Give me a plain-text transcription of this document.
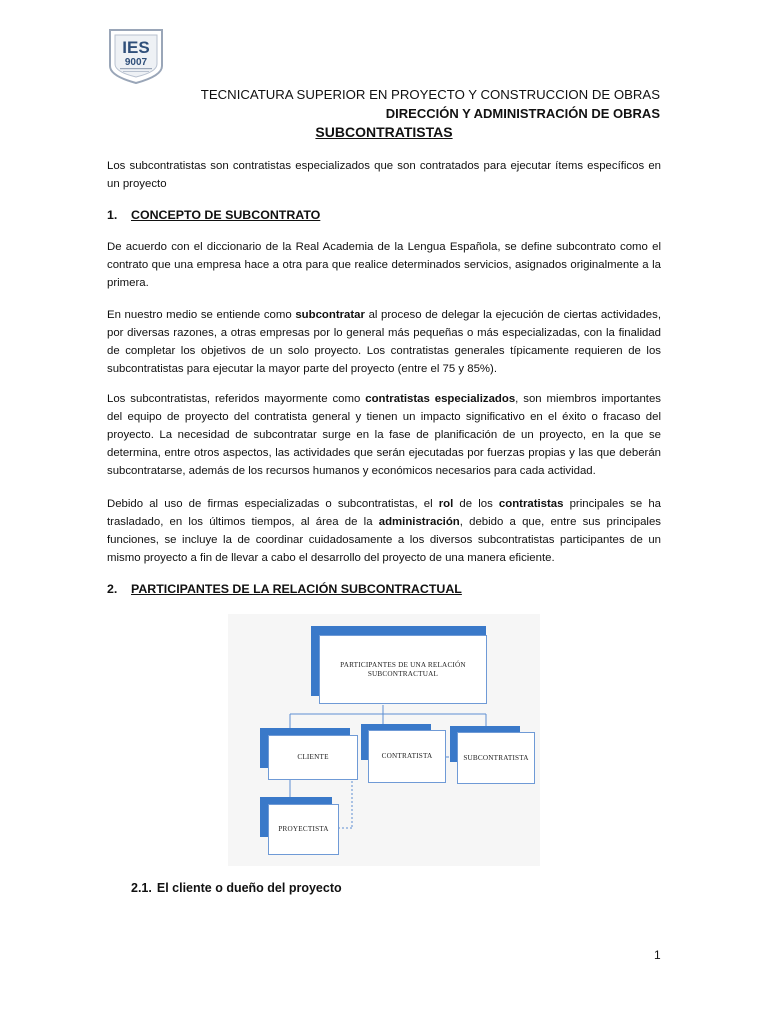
IES
9007
TECNICATURA SUPERIOR EN PROYECTO Y CONSTRUCCION DE OBRAS
DIRECCIÓN Y ADMINISTRACIÓN DE OBRAS
SUBCONTRATISTAS

Los subcontratistas son contratistas especializados que son contratados para ejecutar ítems específicos en un proyecto

1. CONCEPTO DE SUBCONTRATO

De acuerdo con el diccionario de la Real Academia de la Lengua Española, se define subcontrato como el contrato que una empresa hace a otra para que realice determinados servicios, asignados originalmente a la primera.

En nuestro medio se entiende como subcontratar al proceso de delegar la ejecución de ciertas actividades, por diversas razones, a otras empresas por lo general más pequeñas o más especializadas, con la finalidad de completar los objetivos de un solo proyecto. Los contratistas generales típicamente requieren de los subcontratistas para ejecutar la mayor parte del proyecto (entre el 75 y 85%).

Los subcontratistas, referidos mayormente como contratistas especializados, son miembros importantes del equipo de proyecto del contratista general y tienen un impacto significativo en el éxito o fracaso del proyecto. La necesidad de subcontratar surge en la fase de planificación de un proyecto, en la que se determina, entre otros aspectos, las actividades que serán ejecutadas por fuerzas propias y las que deberán subcontratarse, además de los recursos humanos y económicos necesarios para cada actividad.

Debido al uso de firmas especializadas o subcontratistas, el rol de los contratistas principales se ha trasladado, en los últimos tiempos, al área de la administración, debido a que, entre sus principales funciones, se incluye la de coordinar cuidadosamente a los diversos subcontratistas participantes de un mismo proyecto a fin de llevar a cabo el desarrollo del proyecto de una manera eficiente.

2. PARTICIPANTES DE LA RELACIÓN SUBCONTRACTUAL
PARTICIPANTES DE UNA RELACIÓN SUBCONTRACTUAL
CLIENTE	CONTRATISTA	SUBCONTRATISTA
PROYECTISTA
2.1. El cliente o dueño del proyecto
1
